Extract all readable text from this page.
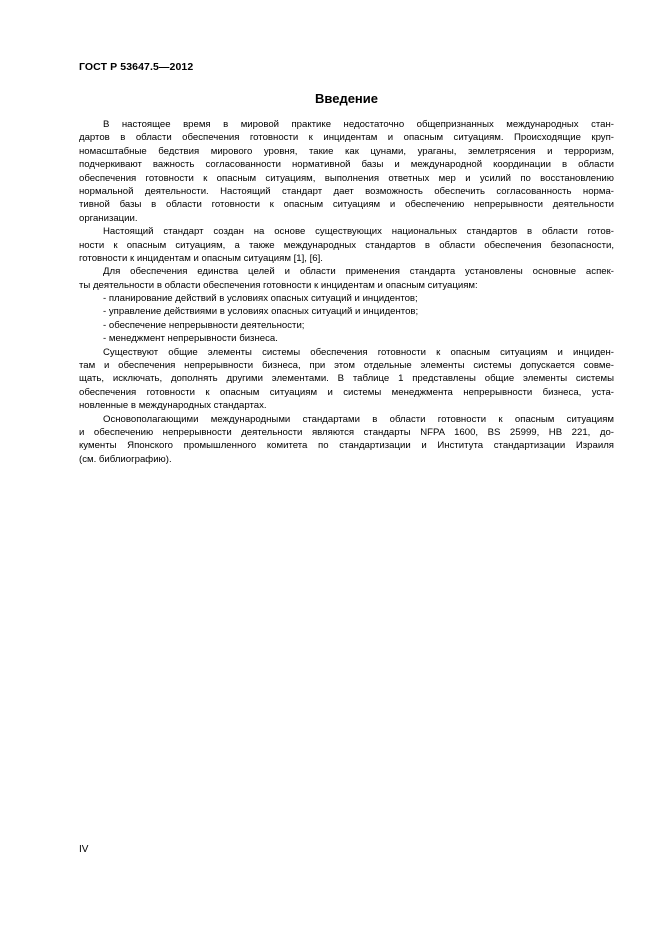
ГОСТ Р 53647.5—2012
Введение
В настоящее время в мировой практике недостаточно общепризнанных международных стан-
дартов в области обеспечения готовности к инцидентам и опасным ситуациям. Происходящие круп-
номасштабные бедствия мирового уровня, такие как цунами, ураганы, землетрясения и терроризм,
подчеркивают важность согласованности нормативной базы и международной координации в области
обеспечения готовности к опасным ситуациям, выполнения ответных мер и усилий по восстановлению
нормальной деятельности. Настоящий стандарт дает возможность обеспечить согласованность норма-
тивной базы в области готовности к опасным ситуациям и обеспечению непрерывности деятельности
организации.
Настоящий стандарт создан на основе существующих национальных стандартов в области готов-
ности к опасным ситуациям, а также международных стандартов в области обеспечения безопасности,
готовности к инцидентам и опасным ситуациям [1], [6].
Для обеспечения единства целей и области применения стандарта установлены основные аспек-
ты деятельности в области обеспечения готовности к инцидентам и опасным ситуациям:
- планирование действий в условиях опасных ситуаций и инцидентов;
- управление действиями в условиях опасных ситуаций и инцидентов;
- обеспечение непрерывности деятельности;
- менеджмент непрерывности бизнеса.
Существуют общие элементы системы обеспечения готовности к опасным ситуациям и инциден-
там и обеспечения непрерывности бизнеса, при этом отдельные элементы системы допускается совме-
щать, исключать, дополнять другими элементами. В таблице 1 представлены общие элементы системы
обеспечения готовности к опасным ситуациям и системы менеджмента непрерывности бизнеса, уста-
новленные в международных стандартах.
Основополагающими международными стандартами в области готовности к опасным ситуациям
и обеспечению непрерывности деятельности являются стандарты NFPA 1600, BS 25999, HB 221, до-
кументы Японского промышленного комитета по стандартизации и Института стандартизации Израиля
(см. библиографию).
IV
